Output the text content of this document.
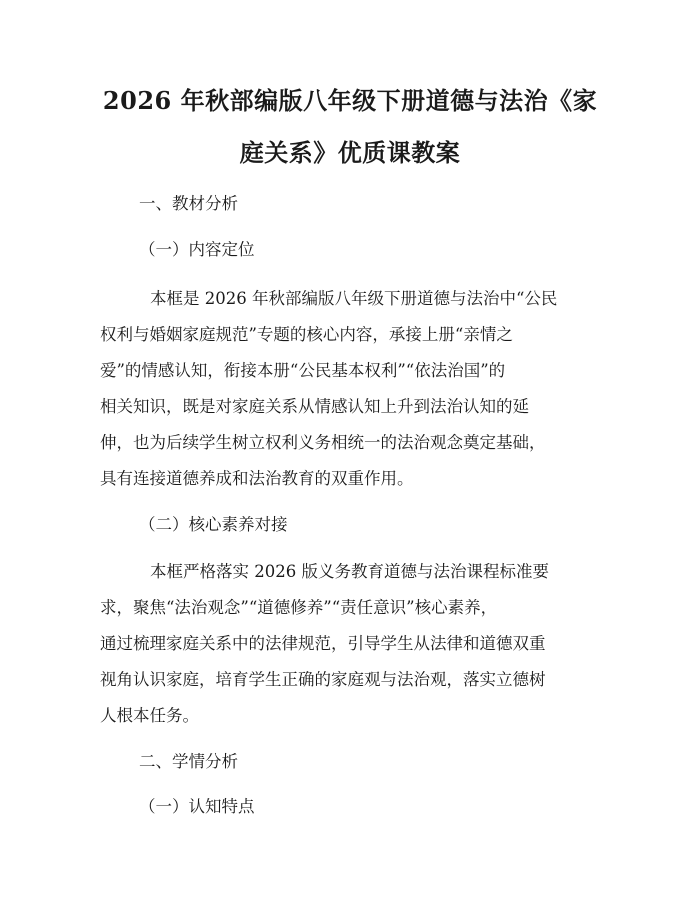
2026 年秋部编版八年级下册道德与法治《家
庭关系》优质课教案
一、教材分析
（一）内容定位
本框是 2026 年秋部编版八年级下册道德与法治中“公民
权利与婚姻家庭规范”专题的核心内容，承接上册“亲情之
爱”的情感认知，衔接本册“公民基本权利”“依法治国”的
相关知识，既是对家庭关系从情感认知上升到法治认知的延
伸，也为后续学生树立权利义务相统一的法治观念奠定基础，
具有连接道德养成和法治教育的双重作用。
（二）核心素养对接
本框严格落实 2026 版义务教育道德与法治课程标准要
求，聚焦“法治观念”“道德修养”“责任意识”核心素养，
通过梳理家庭关系中的法律规范，引导学生从法律和道德双重
视角认识家庭，培育学生正确的家庭观与法治观，落实立德树
人根本任务。
二、学情分析
（一）认知特点
